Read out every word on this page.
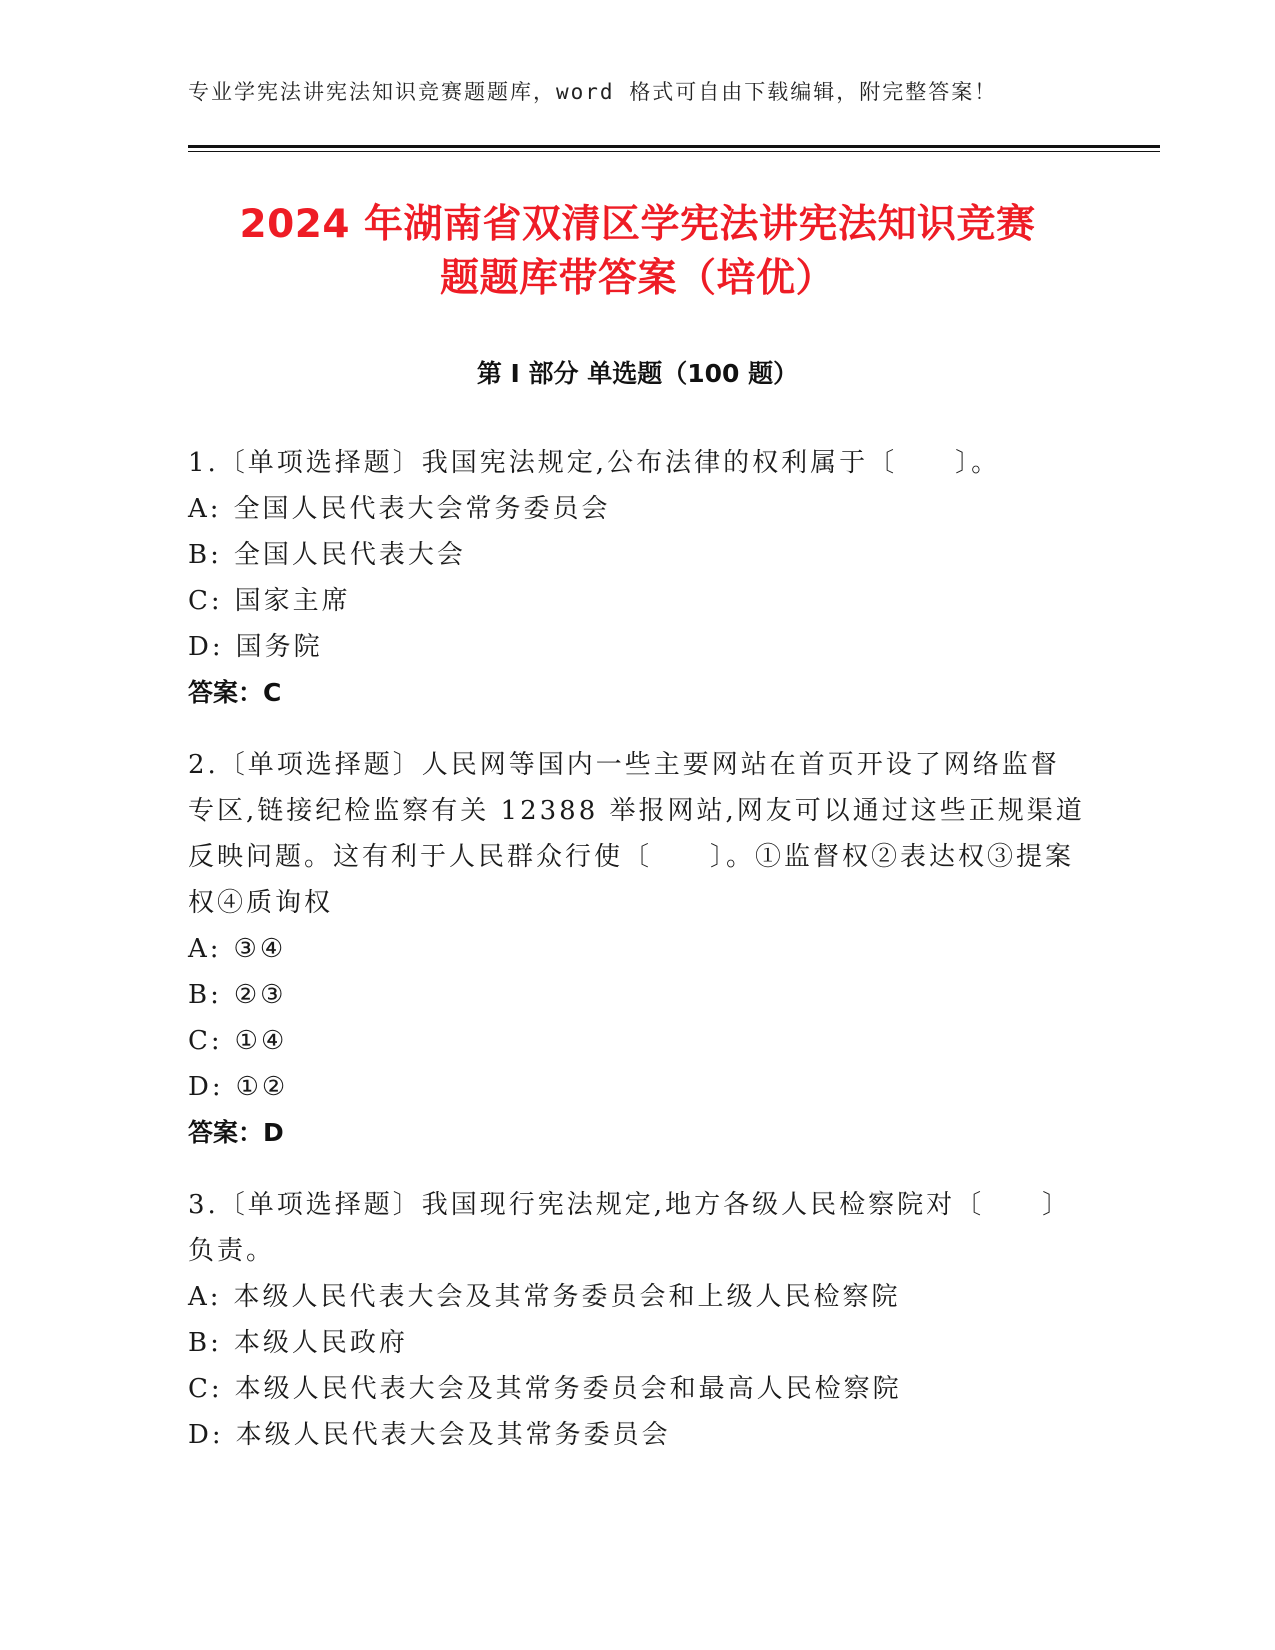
专业学宪法讲宪法知识竞赛题题库，word 格式可自由下载编辑，附完整答案！
2024 年湖南省双清区学宪法讲宪法知识竞赛
题题库带答案（培优）
第 I 部分 单选题（100 题）
1.〔单项选择题〕我国宪法规定,公布法律的权利属于〔　　〕。
A: 全国人民代表大会常务委员会
B: 全国人民代表大会
C: 国家主席
D: 国务院
答案：C
2.〔单项选择题〕人民网等国内一些主要网站在首页开设了网络监督专区,链接纪检监察有关 12388 举报网站,网友可以通过这些正规渠道反映问题。这有利于人民群众行使〔　　〕。①监督权②表达权③提案权④质询权
A: ③④
B: ②③
C: ①④
D: ①②
答案：D
3.〔单项选择题〕我国现行宪法规定,地方各级人民检察院对〔　　〕负责。
A: 本级人民代表大会及其常务委员会和上级人民检察院
B: 本级人民政府
C: 本级人民代表大会及其常务委员会和最高人民检察院
D: 本级人民代表大会及其常务委员会
